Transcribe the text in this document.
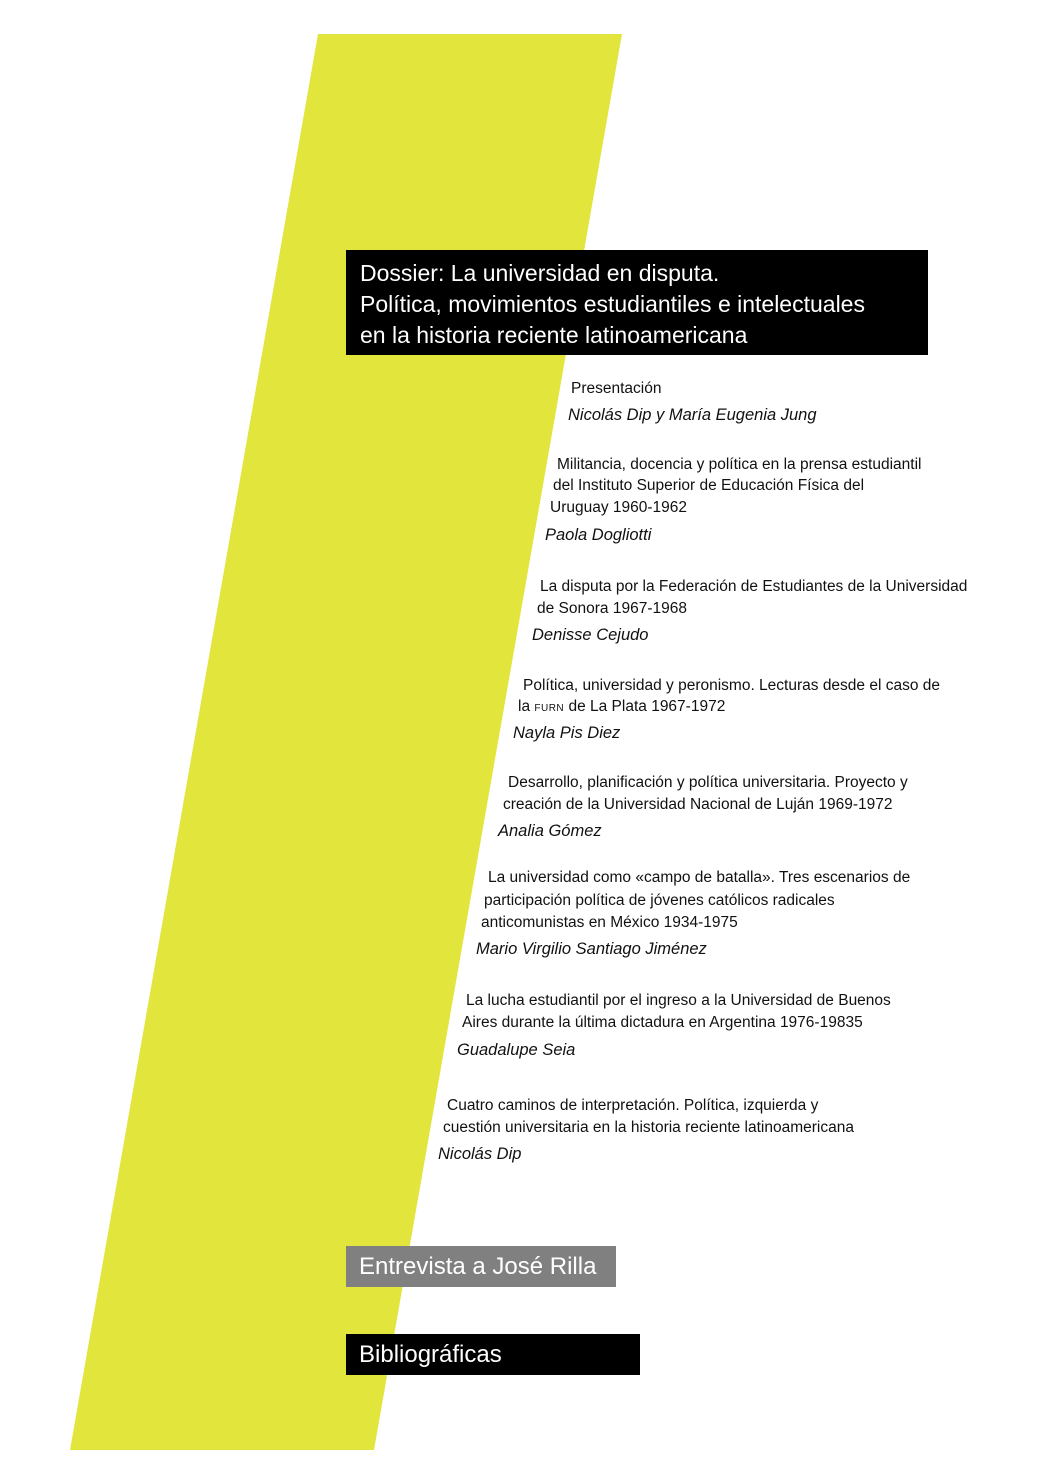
Dossier: La universidad en disputa.
Política, movimientos estudiantiles e intelectuales
en la historia reciente latinoamericana
Presentación
Nicolás Dip y María Eugenia Jung
Militancia, docencia y política en la prensa estudiantil
del Instituto Superior de Educación Física del
Uruguay 1960-1962
Paola Dogliotti
La disputa por la Federación de Estudiantes de la Universidad
de Sonora 1967-1968
Denisse Cejudo
Política, universidad y peronismo. Lecturas desde el caso de
la FURN de La Plata 1967-1972
Nayla Pis Diez
Desarrollo, planificación y política universitaria. Proyecto y
creación de la Universidad Nacional de Luján 1969-1972
Analia Gómez
La universidad como «campo de batalla». Tres escenarios de
participación política de jóvenes católicos radicales
anticomunistas en México 1934-1975
Mario Virgilio Santiago Jiménez
La lucha estudiantil por el ingreso a la Universidad de Buenos
Aires durante la última dictadura en Argentina 1976-19835
Guadalupe Seia
Cuatro caminos de interpretación. Política, izquierda y
cuestión universitaria en la historia reciente latinoamericana
Nicolás Dip
Entrevista a José Rilla
Bibliográficas
